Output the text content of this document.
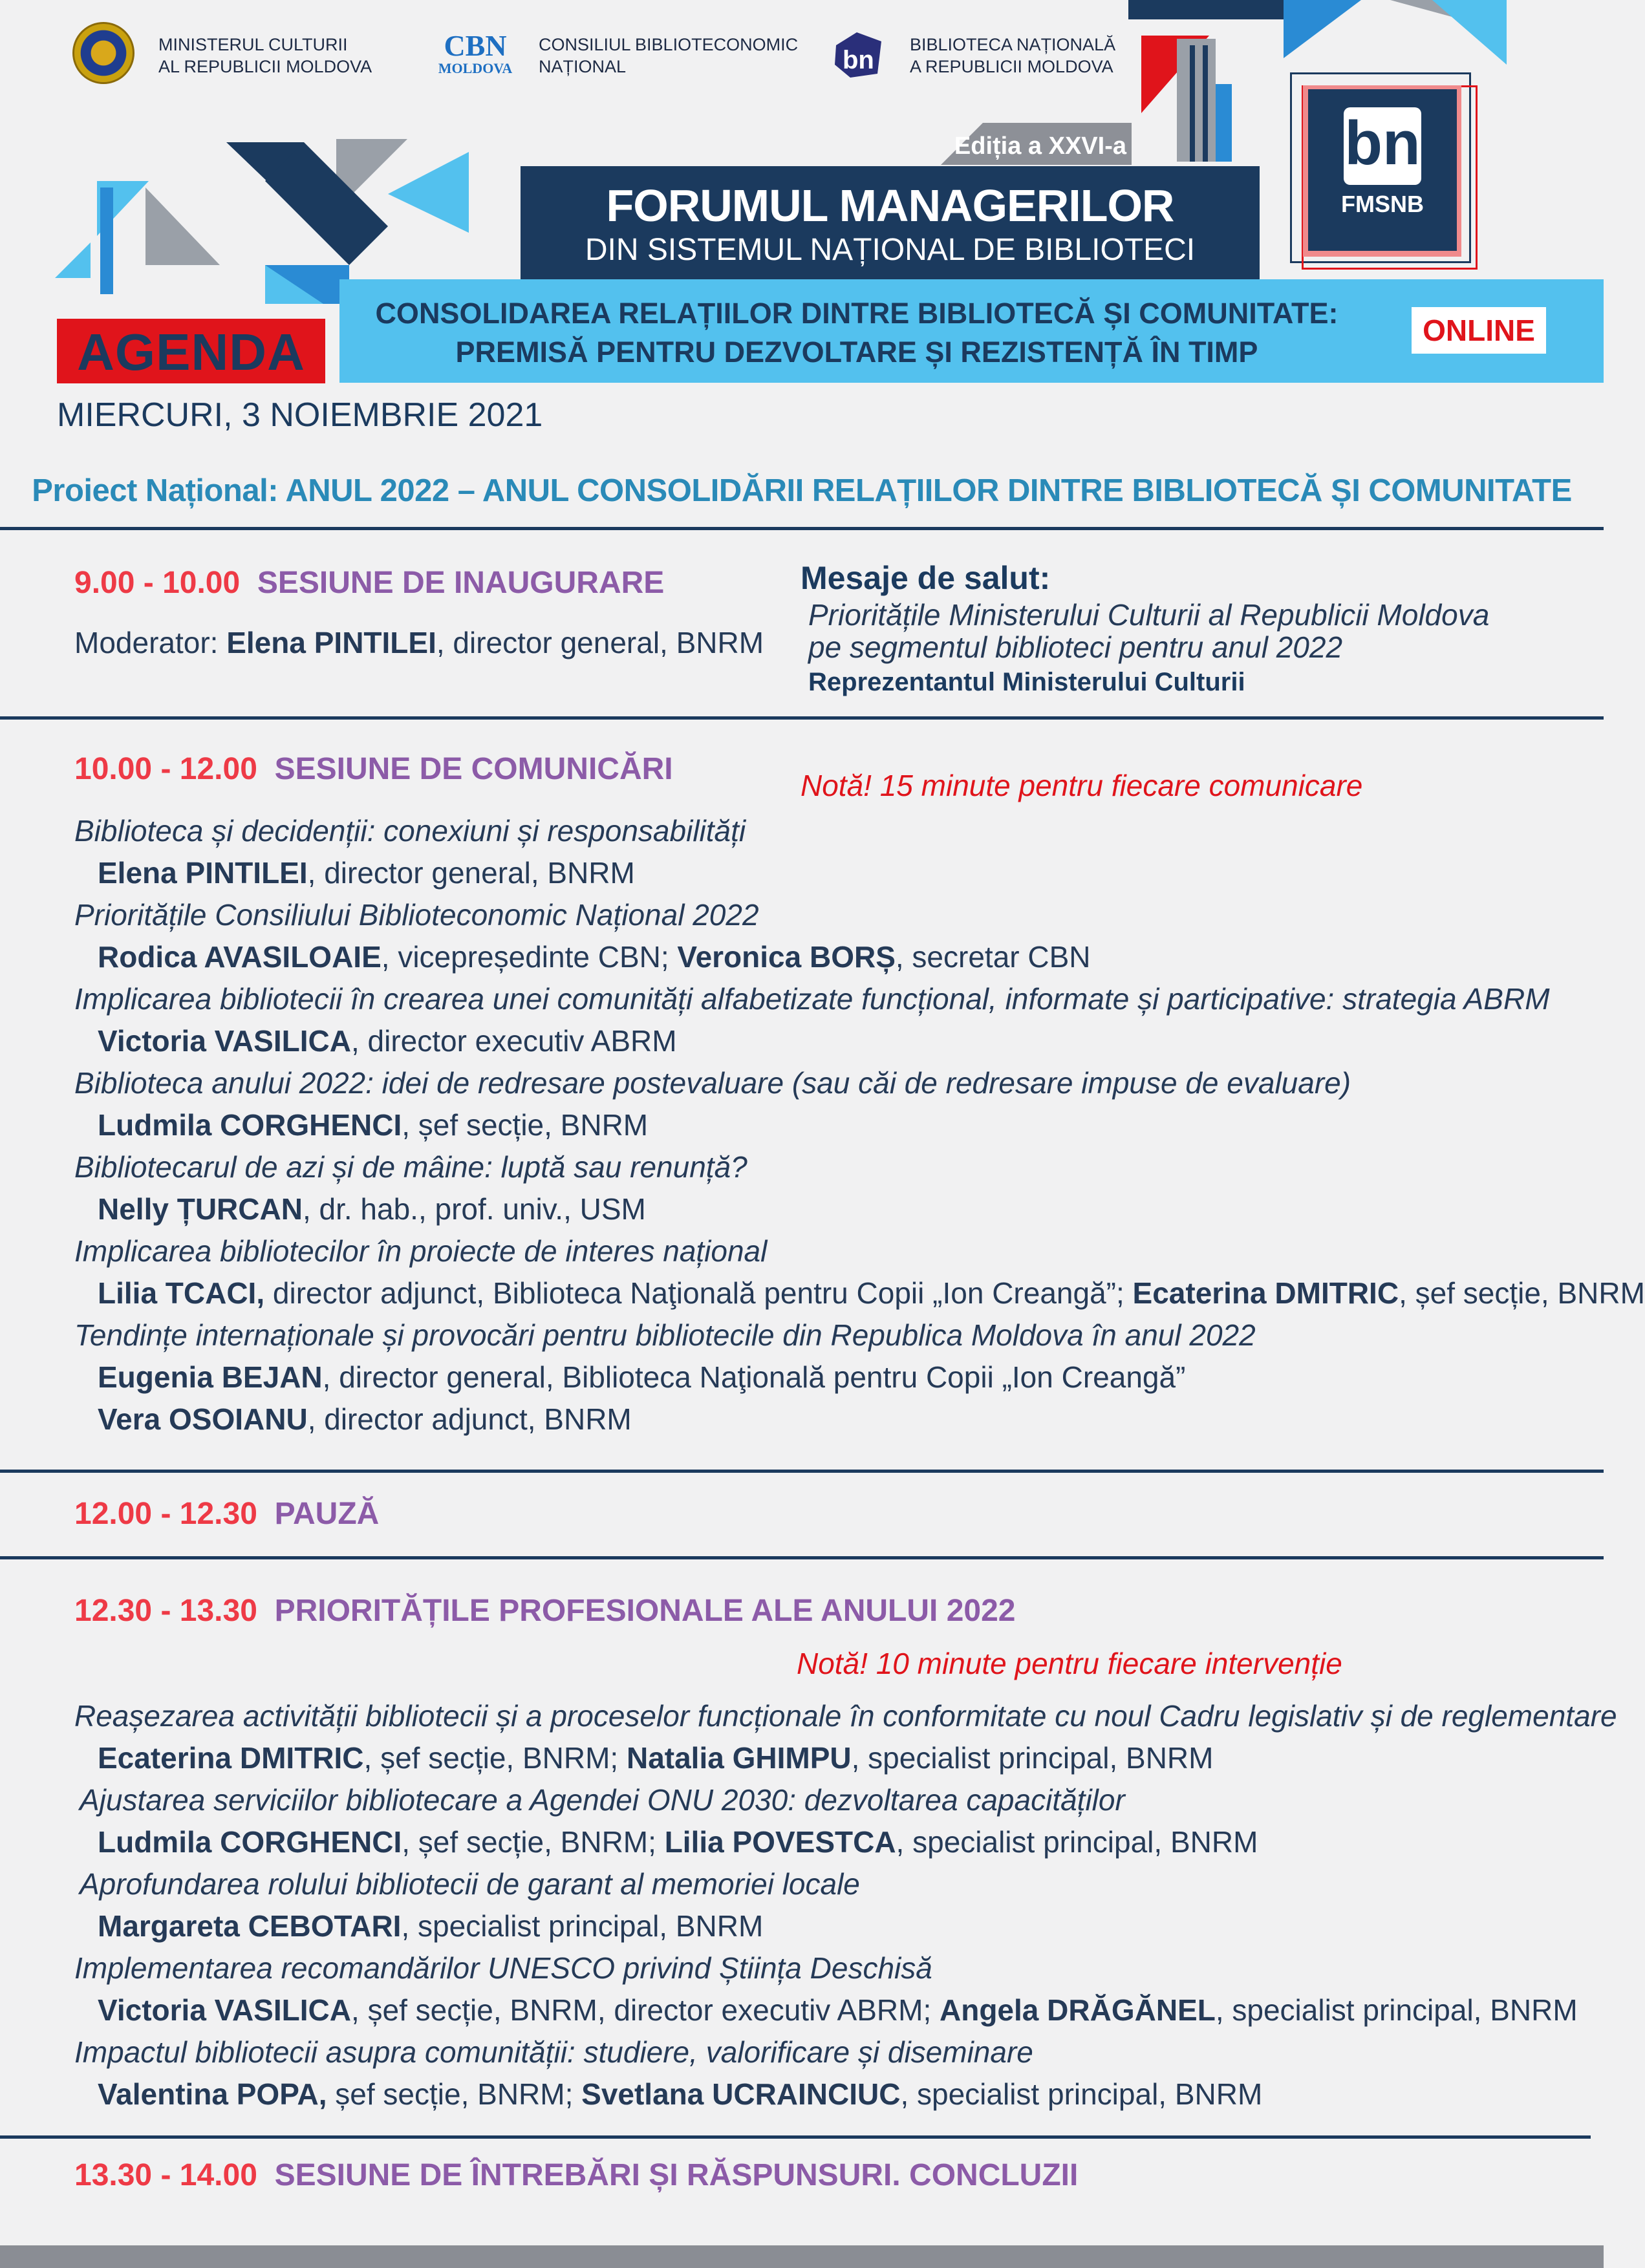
MINISTERUL CULTURII
AL REPUBLICII MOLDOVA
CBN
MOLDOVA
CONSILIUL BIBLIOTECONOMIC
NAȚIONAL	bn
BIBLIOTECA NAȚIONALĂ
A REPUBLICII MOLDOVA
Ediția a XXVI-a
FORUMUL MANAGERILOR
DIN SISTEMUL NAȚIONAL DE BIBLIOTECI
bn
FMSNB
CONSOLIDAREA RELAȚIILOR DINTRE BIBLIOTECĂ ȘI COMUNITATE:
PREMISĂ PENTRU DEZVOLTARE ȘI REZISTENȚĂ ÎN TIMP
ONLINE
AGENDA
MIERCURI, 3 NOIEMBRIE 2021
Proiect Național: ANUL 2022 – ANUL CONSOLIDĂRII RELAȚIILOR DINTRE BIBLIOTECĂ ȘI COMUNITATE
9.00 - 10.00 SESIUNE DE INAUGURARE
Moderator: Elena PINTILEI, director general, BNRM
Mesaje de salut:
Prioritățile Ministerului Culturii al Republicii Moldova
pe segmentul biblioteci pentru anul 2022
Reprezentantul Ministerului Culturii
10.00 - 12.00 SESIUNE DE COMUNICĂRI	Notă! 15 minute pentru fiecare comunicare
Biblioteca și decidenții: conexiuni și responsabilități
Elena PINTILEI, director general, BNRM
Prioritățile Consiliului Biblioteconomic Național 2022
Rodica AVASILOAIE, vicepreședinte CBN; Veronica BORȘ, secretar CBN
Implicarea bibliotecii în crearea unei comunități alfabetizate funcțional, informate și participative: strategia ABRM
Victoria VASILICA, director executiv ABRM
Biblioteca anului 2022: idei de redresare postevaluare (sau căi de redresare impuse de evaluare)
Ludmila CORGHENCI, șef secție, BNRM
Bibliotecarul de azi și de mâine: luptă sau renunță?
Nelly ȚURCAN, dr. hab., prof. univ., USM
Implicarea bibliotecilor în proiecte de interes național
Lilia TCACI, director adjunct, Biblioteca Naţională pentru Copii „Ion Creangă”; Ecaterina DMITRIC, șef secție, BNRM
Tendințe internaționale și provocări pentru bibliotecile din Republica Moldova în anul 2022
Eugenia BEJAN, director general, Biblioteca Naţională pentru Copii „Ion Creangă”
Vera OSOIANU, director adjunct, BNRM
12.00 - 12.30 PAUZĂ
12.30 - 13.30 PRIORITĂȚILE PROFESIONALE ALE ANULUI 2022
Notă! 10 minute pentru fiecare intervenție
Reașezarea activității bibliotecii și a proceselor funcționale în conformitate cu noul Cadru legislativ și de reglementare
Ecaterina DMITRIC, șef secție, BNRM; Natalia GHIMPU, specialist principal, BNRM
Ajustarea serviciilor bibliotecare a Agendei ONU 2030: dezvoltarea capacităților
Ludmila CORGHENCI, șef secție, BNRM; Lilia POVESTCA, specialist principal, BNRM
Aprofundarea rolului bibliotecii de garant al memoriei locale
Margareta CEBOTARI, specialist principal, BNRM
Implementarea recomandărilor UNESCO privind Știința Deschisă
Victoria VASILICA, șef secție, BNRM, director executiv ABRM; Angela DRĂGĂNEL, specialist principal, BNRM
Impactul bibliotecii asupra comunității: studiere, valorificare și diseminare
Valentina POPA, șef secție, BNRM; Svetlana UCRAINCIUC, specialist principal, BNRM
13.30 - 14.00 SESIUNE DE ÎNTREBĂRI ȘI RĂSPUNSURI. CONCLUZII
